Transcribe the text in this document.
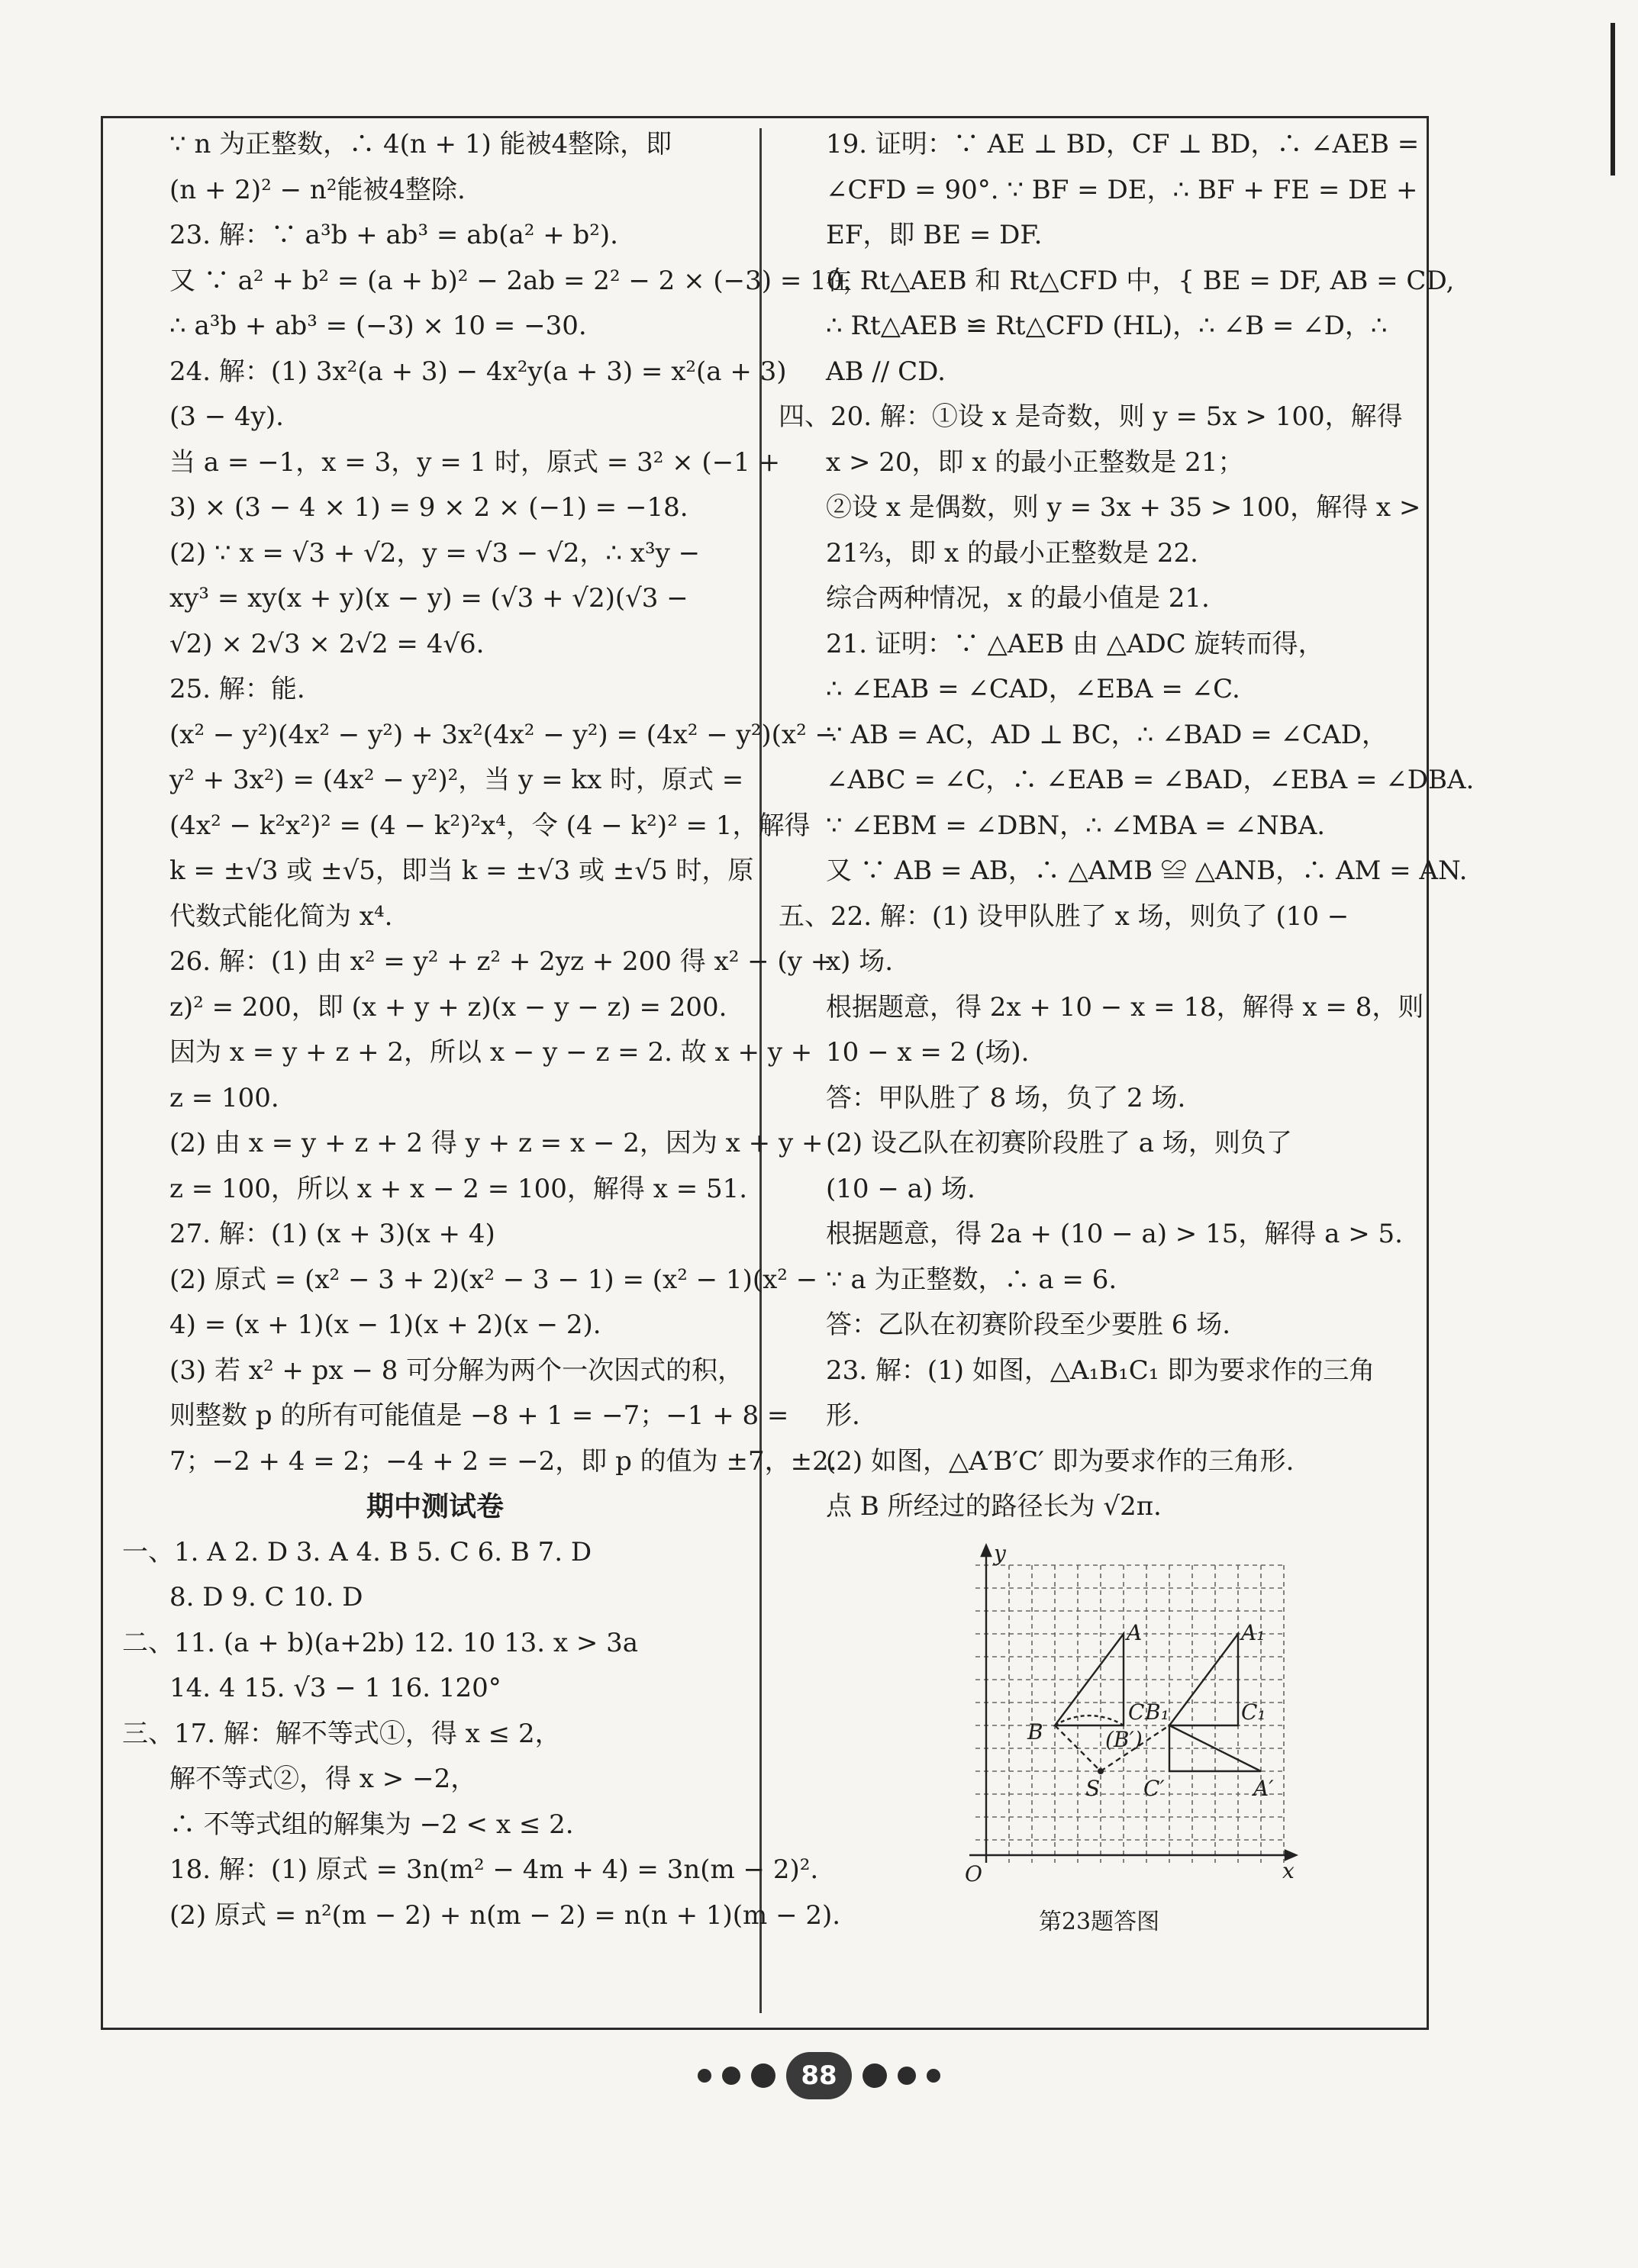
∵ n 为正整数，∴ 4(n + 1) 能被4整除，即
(n + 2)² − n²能被4整除.
23. 解：∵ a³b + ab³ = ab(a² + b²).
又 ∵ a² + b² = (a + b)² − 2ab = 2² − 2 × (−3) = 10，
∴ a³b + ab³ = (−3) × 10 = −30.
24. 解：(1) 3x²(a + 3) − 4x²y(a + 3) = x²(a + 3)
(3 − 4y).
当 a = −1，x = 3，y = 1 时，原式 = 3² × (−1 +
3) × (3 − 4 × 1) = 9 × 2 × (−1) = −18.
(2) ∵ x = √3 + √2，y = √3 − √2，∴ x³y −
xy³ = xy(x + y)(x − y) = (√3 + √2)(√3 −
√2) × 2√3 × 2√2 = 4√6.
25. 解：能.
(x² − y²)(4x² − y²) + 3x²(4x² − y²) = (4x² − y²)(x² −
y² + 3x²) = (4x² − y²)²，当 y = kx 时，原式 =
(4x² − k²x²)² = (4 − k²)²x⁴，令 (4 − k²)² = 1，解得
k = ±√3 或 ±√5，即当 k = ±√3 或 ±√5 时，原
代数式能化简为 x⁴.
26. 解：(1) 由 x² = y² + z² + 2yz + 200 得 x² − (y +
z)² = 200，即 (x + y + z)(x − y − z) = 200.
因为 x = y + z + 2，所以 x − y − z = 2. 故 x + y +
z = 100.
(2) 由 x = y + z + 2 得 y + z = x − 2，因为 x + y +
z = 100，所以 x + x − 2 = 100，解得 x = 51.
27. 解：(1) (x + 3)(x + 4)
(2) 原式 = (x² − 3 + 2)(x² − 3 − 1) = (x² − 1)(x² −
4) = (x + 1)(x − 1)(x + 2)(x − 2).
(3) 若 x² + px − 8 可分解为两个一次因式的积，
则整数 p 的所有可能值是 −8 + 1 = −7；−1 + 8 =
7；−2 + 4 = 2；−4 + 2 = −2，即 p 的值为 ±7，±2.
期中测试卷
一、1. A 2. D 3. A 4. B 5. C 6. B 7. D
8. D 9. C 10. D
二、11. (a + b)(a+2b) 12. 10 13. x > 3a
14. 4 15. √3 − 1 16. 120°
三、17. 解：解不等式①，得 x ≤ 2，
解不等式②，得 x > −2，
∴ 不等式组的解集为 −2 < x ≤ 2.
18. 解：(1) 原式 = 3n(m² − 4m + 4) = 3n(m − 2)².
(2) 原式 = n²(m − 2) + n(m − 2) = n(n + 1)(m − 2).
19. 证明：∵ AE ⊥ BD，CF ⊥ BD，∴ ∠AEB =
∠CFD = 90°. ∵ BF = DE，∴ BF + FE = DE +
EF，即 BE = DF.
在 Rt△AEB 和 Rt△CFD 中，{ BE = DF, AB = CD,
∴ Rt△AEB ≌ Rt△CFD (HL)，∴ ∠B = ∠D，∴
AB // CD.
四、20. 解：①设 x 是奇数，则 y = 5x > 100，解得
x > 20，即 x 的最小正整数是 21；
②设 x 是偶数，则 y = 3x + 35 > 100，解得 x >
21⅔，即 x 的最小正整数是 22.
综合两种情况，x 的最小值是 21.
21. 证明：∵ △AEB 由 △ADC 旋转而得，
∴ ∠EAB = ∠CAD，∠EBA = ∠C.
∵ AB = AC，AD ⊥ BC，∴ ∠BAD = ∠CAD，
∠ABC = ∠C，∴ ∠EAB = ∠BAD，∠EBA = ∠DBA.
∵ ∠EBM = ∠DBN，∴ ∠MBA = ∠NBA.
又 ∵ AB = AB，∴ △AMB ≌ △ANB，∴ AM = AN.
五、22. 解：(1) 设甲队胜了 x 场，则负了 (10 −
x) 场.
根据题意，得 2x + 10 − x = 18，解得 x = 8，则
10 − x = 2 (场).
答：甲队胜了 8 场，负了 2 场.
(2) 设乙队在初赛阶段胜了 a 场，则负了
(10 − a) 场.
根据题意，得 2a + (10 − a) > 15，解得 a > 5.
∵ a 为正整数，∴ a = 6.
答：乙队在初赛阶段至少要胜 6 场.
23. 解：(1) 如图，△A₁B₁C₁ 即为要求作的三角
形.
(2) 如图，△A′B′C′ 即为要求作的三角形.
点 B 所经过的路径长为 √2π.
y
x
O
A	A₁
B
C B₁	C₁
(B′)
S C′	A′
第23题答图
88
